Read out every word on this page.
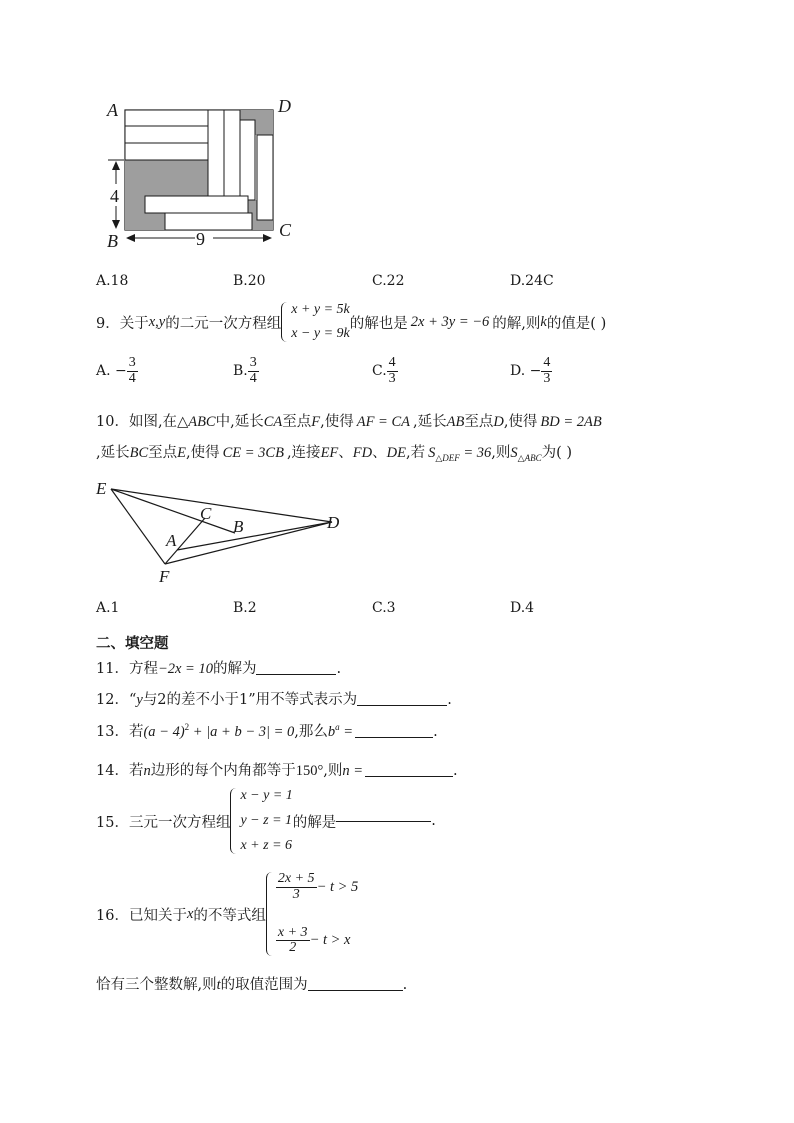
4
9
A	D
B
C
A.18	B.20	C.22	D.24C
9． 关于 x , y 的二元一次方程组
x + y = 5k
x − y = 9k
的解也是 2x + 3y = −6 的解,则 k 的值是( )
A. − $\frac{3}{4}$	B. $\frac{3}{4}$	C. $\frac{4}{3}$	D. − $\frac{4}{3}$
10．如图,在△ABC中,延长CA至点F,使得 AF = CA ,延长AB至点D,使得 BD = 2AB
,延长BC至点E,使得 CE = 3CB ,连接EF、FD、DE,若 $S_{\triangle DEF} = 36$,则$S_{\triangle ABC}$为( )
E
C
B	D
A
F
A.1	B.2	C.3	D.4
二、填空题
11．方程−2x = 10的解为	.
12．“y与2的差不小于1”用不等式表示为	.
13．若$(a - 4)^2 + |a + b - 3| = 0$,那么$b^a$ =	.
14．若n边形的每个内角都等于150°,则n =	.
15．三元一次方程组
x − y = 1
y − z = 1
x + z = 6
的解是	.
16．已知关于 x 的不等式组
$\frac{2x + 5}{3} - t > 5$
$\frac{x + 3}{2} - t > x$
恰有三个整数解,则t的取值范围为	.
